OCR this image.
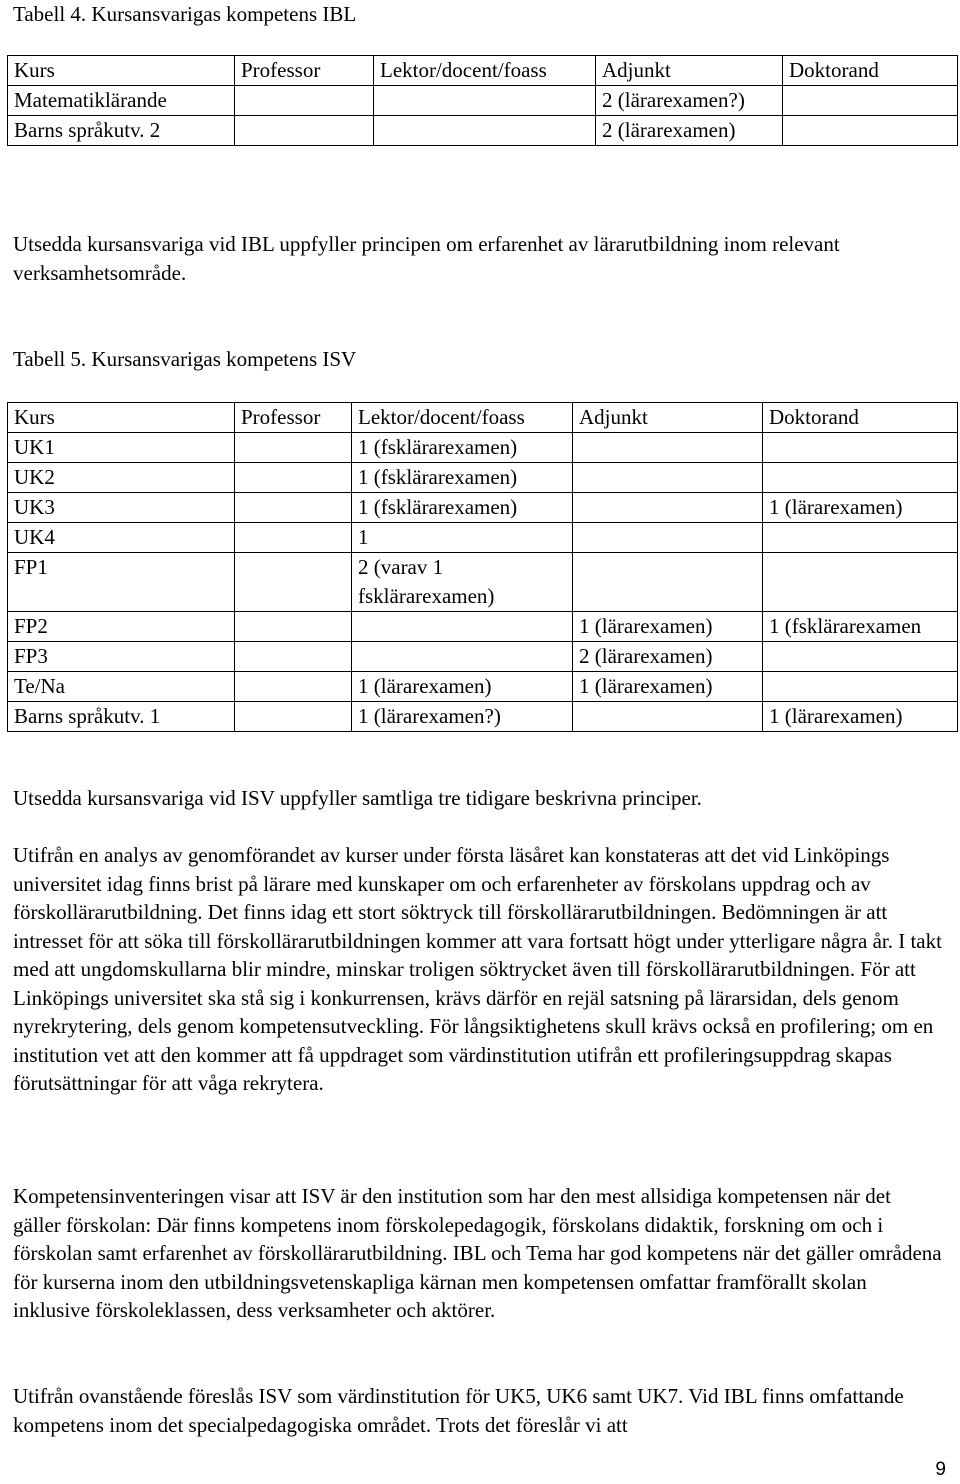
Tabell 4. Kursansvarigas kompetens IBL

Kurs	Professor	Lektor/docent/foass	Adjunkt	Doktorand
Matematiklärande			2 (lärarexamen?)	
Barns språkutv. 2			2 (lärarexamen)	

Utsedda kursansvariga vid IBL uppfyller principen om erfarenhet av lärarutbildning inom relevant verksamhetsområde.

Tabell 5. Kursansvarigas kompetens ISV

Kurs	Professor	Lektor/docent/foass	Adjunkt	Doktorand
UK1		1 (fsklärarexamen)		
UK2		1 (fsklärarexamen)		
UK3		1 (fsklärarexamen)		1 (lärarexamen)
UK4		1		
FP1		2 (varav 1 fsklärarexamen)		
FP2			1 (lärarexamen)	1 (fsklärarexamen
FP3			2 (lärarexamen)	
Te/Na		1 (lärarexamen)	1 (lärarexamen)	
Barns språkutv. 1		1 (lärarexamen?)		1 (lärarexamen)

Utsedda kursansvariga vid ISV uppfyller samtliga tre tidigare beskrivna principer.

Utifrån en analys av genomförandet av kurser under första läsåret kan konstateras att det vid Linköpings universitet idag finns brist på lärare med kunskaper om och erfarenheter av förskolans uppdrag och av förskollärarutbildning. Det finns idag ett stort söktryck till förskollärarutbildningen. Bedömningen är att intresset för att söka till förskollärarutbildningen kommer att vara fortsatt högt under ytterligare några år. I takt med att ungdomskullarna blir mindre, minskar troligen söktrycket även till förskollärarutbildningen. För att Linköpings universitet ska stå sig i konkurrensen, krävs därför en rejäl satsning på lärarsidan, dels genom nyrekrytering, dels genom kompetensutveckling. För långsiktighetens skull krävs också en profilering; om en institution vet att den kommer att få uppdraget som värdinstitution utifrån ett profileringsuppdrag skapas förutsättningar för att våga rekrytera.

Kompetensinventeringen visar att ISV är den institution som har den mest allsidiga kompetensen när det gäller förskolan: Där finns kompetens inom förskolepedagogik, förskolans didaktik, forskning om och i förskolan samt erfarenhet av förskollärarutbildning. IBL och Tema har god kompetens när det gäller områdena för kurserna inom den utbildningsvetenskapliga kärnan men kompetensen omfattar framförallt skolan inklusive förskoleklassen, dess verksamheter och aktörer.

Utifrån ovanstående föreslås ISV som värdinstitution för UK5, UK6 samt UK7. Vid IBL finns omfattande kompetens inom det specialpedagogiska området. Trots det föreslår vi att

9
